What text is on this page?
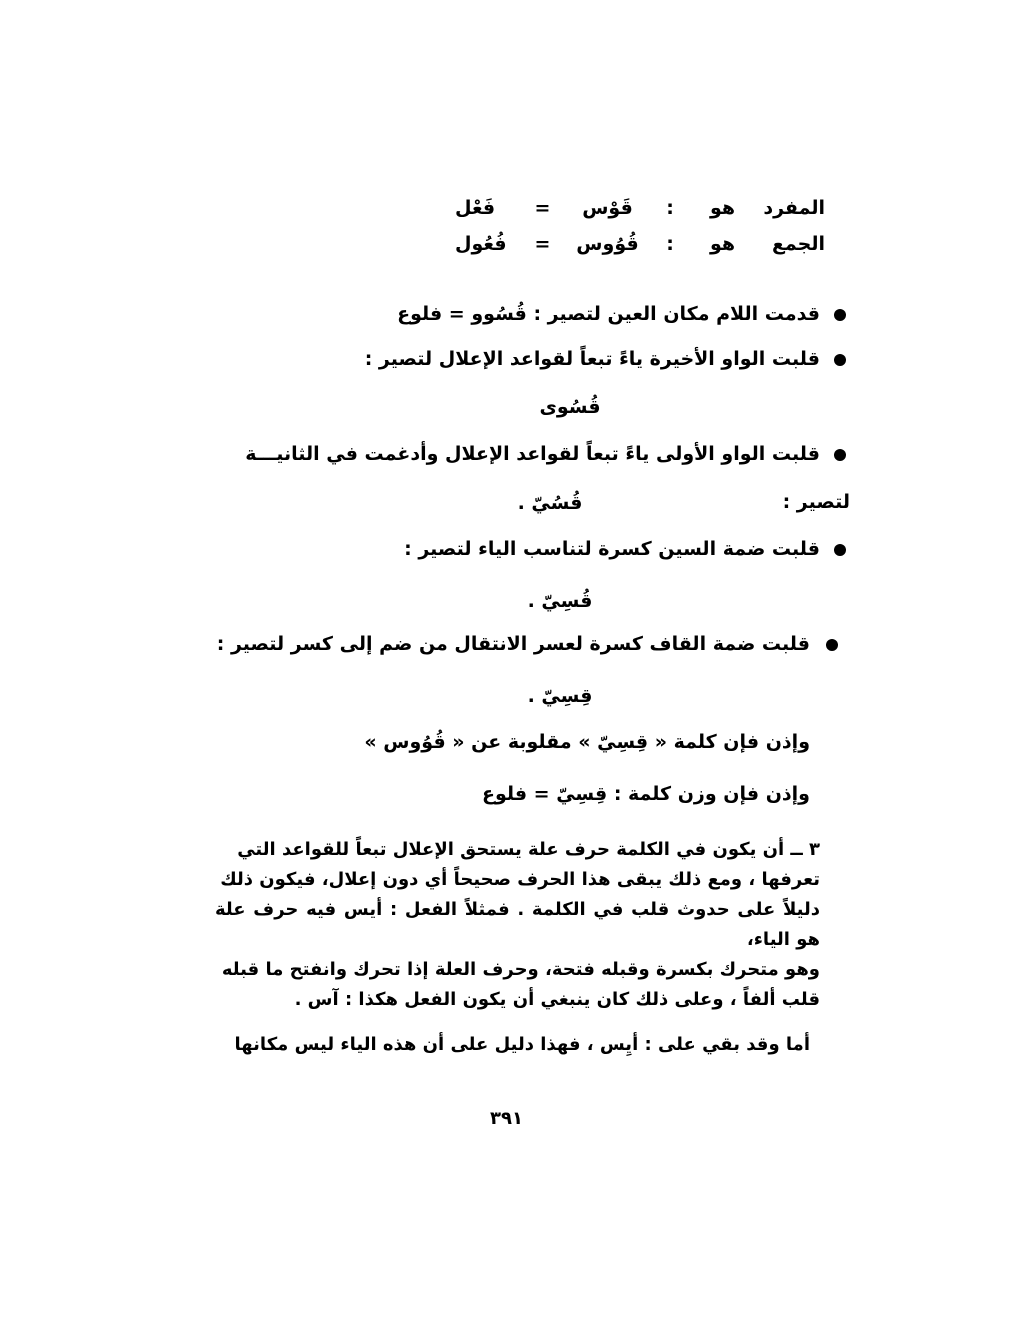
المفرد
هو
:
قَوْس
=
فَعْل
الجمع
هو
:
قُوُوس
=
فُعُول
قدمت اللام مكان العين لتصير : قُسُوو = فلوع
قلبت الواو الأخيرة ياءً تبعاً لقواعد الإعلال لتصير :
قُسُوى
قلبت الواو الأولى ياءً تبعاً لقواعد الإعلال وأدغمت في الثانيـــة
لتصير :
قُسُيّ .
قلبت ضمة السين كسرة لتناسب الياء لتصير :
قُسِيّ .
قلبت ضمة القاف كسرة لعسر الانتقال من ضم إلى كسر لتصير :
قِسِيّ .
وإذن فإن كلمة « قِسِيّ » مقلوبة عن « قُوُوس »
وإذن فإن وزن كلمة : قِسِيّ = فلوع
٣ ــ أن يكون في الكلمة حرف علة يستحق الإعلال تبعاً للقواعد التي
تعرفها ، ومع ذلك يبقى هذا الحرف صحيحاً أي دون إعلال، فيكون ذلك
دليلاً على حدوث قلب في الكلمة . فمثلاً الفعل : أيس فيه حرف علة هو الياء،
وهو متحرك بكسرة وقبله فتحة، وحرف العلة إذا تحرك وانفتح ما قبله
قلب ألفاً ، وعلى ذلك كان ينبغي أن يكون الفعل هكذا : آس .
أما وقد بقي على : أيِس ، فهذا دليل على أن هذه الياء ليس مكانها
٣٩١
